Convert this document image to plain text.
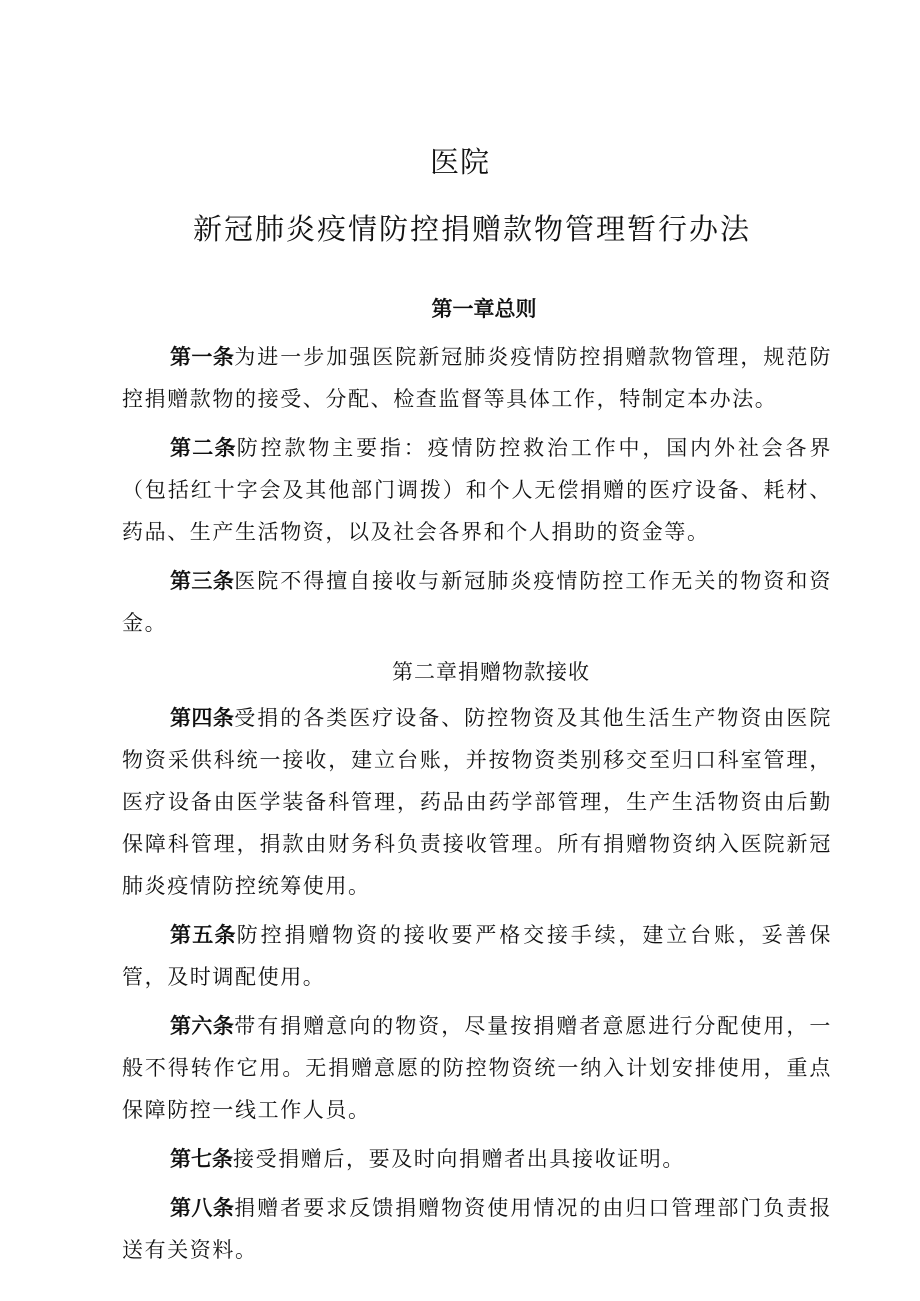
医院
新冠肺炎疫情防控捐赠款物管理暂行办法

第一章总则

第一条为进一步加强医院新冠肺炎疫情防控捐赠款物管理，规范防控捐赠款物的接受、分配、检查监督等具体工作，特制定本办法。

第二条防控款物主要指：疫情防控救治工作中，国内外社会各界（包括红十字会及其他部门调拨）和个人无偿捐赠的医疗设备、耗材、药品、生产生活物资，以及社会各界和个人捐助的资金等。

第三条医院不得擅自接收与新冠肺炎疫情防控工作无关的物资和资金。

第二章捐赠物款接收

第四条受捐的各类医疗设备、防控物资及其他生活生产物资由医院物资采供科统一接收，建立台账，并按物资类别移交至归口科室管理，医疗设备由医学装备科管理，药品由药学部管理，生产生活物资由后勤保障科管理，捐款由财务科负责接收管理。所有捐赠物资纳入医院新冠肺炎疫情防控统筹使用。

第五条防控捐赠物资的接收要严格交接手续，建立台账，妥善保管，及时调配使用。

第六条带有捐赠意向的物资，尽量按捐赠者意愿进行分配使用，一般不得转作它用。无捐赠意愿的防控物资统一纳入计划安排使用，重点保障防控一线工作人员。

第七条接受捐赠后，要及时向捐赠者出具接收证明。

第八条捐赠者要求反馈捐赠物资使用情况的由归口管理部门负责报送有关资料。
